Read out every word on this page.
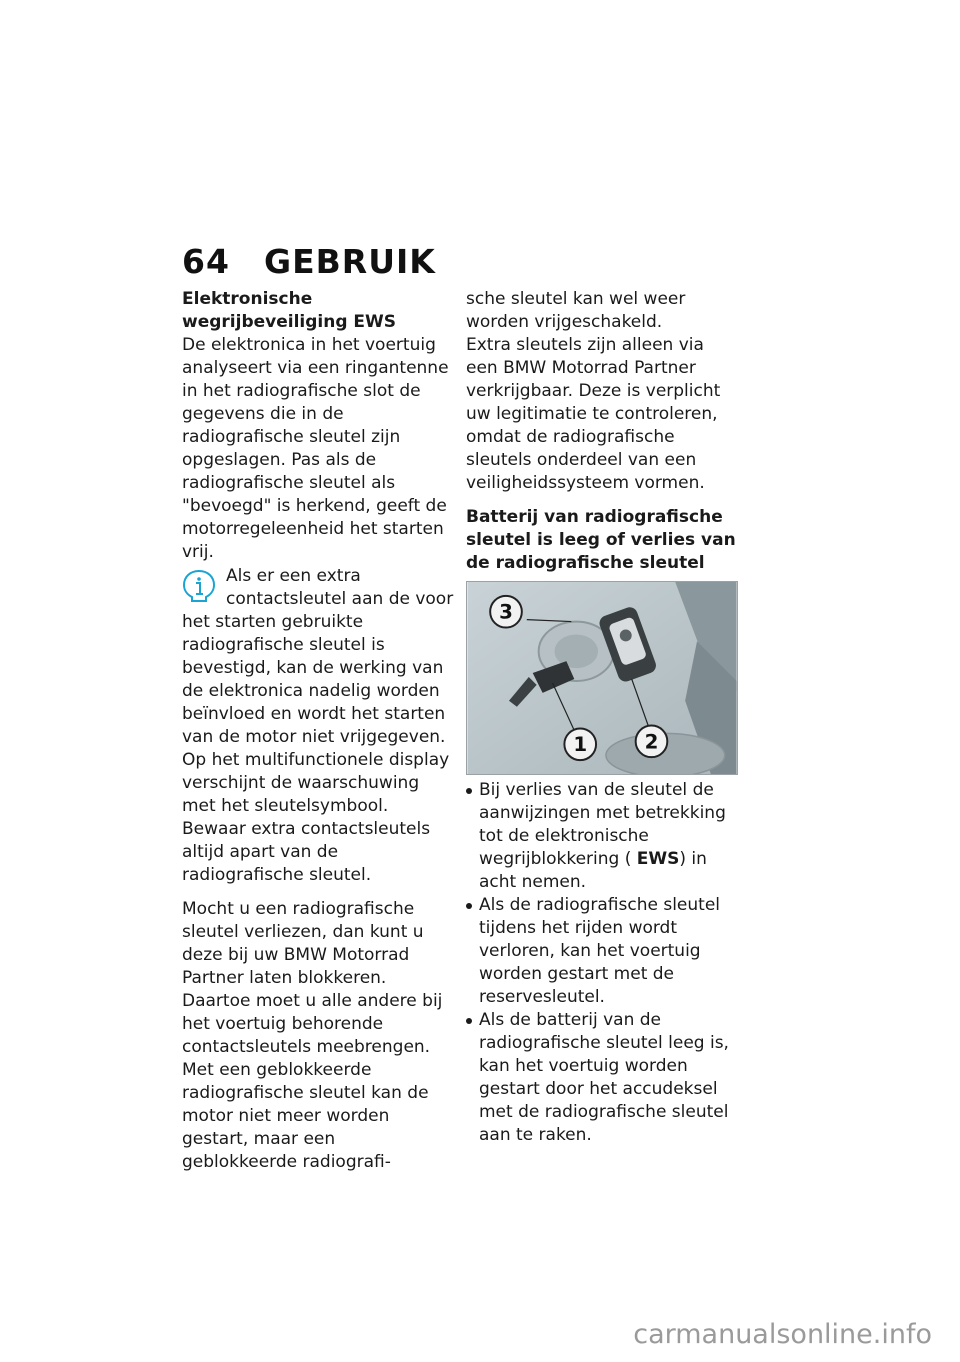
64 GEBRUIK

Elektronische wegrijbeveiliging EWS

De elektronica in het voertuig analyseert via een ringantenne in het radiografische slot de gegevens die in de radiografische sleutel zijn opgeslagen. Pas als de radiografische sleutel als "bevoegd" is herkend, geeft de motorregeleenheid het starten vrij.

Als er een extra contactsleutel aan de voor het starten gebruikte radiografische sleutel is bevestigd, kan de werking van de elektronica nadelig worden beïnvloed en wordt het starten van de motor niet vrijgegeven. Op het multifunctionele display verschijnt de waarschuwing met het sleutelsymbool.

Bewaar extra contactsleutels altijd apart van de radiografische sleutel.

Mocht u een radiografische sleutel verliezen, dan kunt u deze bij uw BMW Motorrad Partner laten blokkeren. Daartoe moet u alle andere bij het voertuig behorende contactsleutels meebrengen.

Met een geblokkeerde radiografische sleutel kan de motor niet meer worden gestart, maar een geblokkeerde radiografi-

sche sleutel kan wel weer worden vrijgeschakeld.

Extra sleutels zijn alleen via een BMW Motorrad Partner verkrijgbaar. Deze is verplicht uw legitimatie te controleren, omdat de radiografische sleutels onderdeel van een veiligheidssysteem vormen.

Batterij van radiografische sleutel is leeg of verlies van de radiografische sleutel

3
1	2
Bij verlies van de sleutel de aanwijzingen met betrekking tot de elektronische wegrijblokkering ( EWS) in acht nemen.
Als de radiografische sleutel tijdens het rijden wordt verloren, kan het voertuig worden gestart met de reservesleutel.
Als de batterij van de radiografische sleutel leeg is, kan het voertuig worden gestart door het accudeksel met de radiografische sleutel aan te raken.
carmanualsonline.info
